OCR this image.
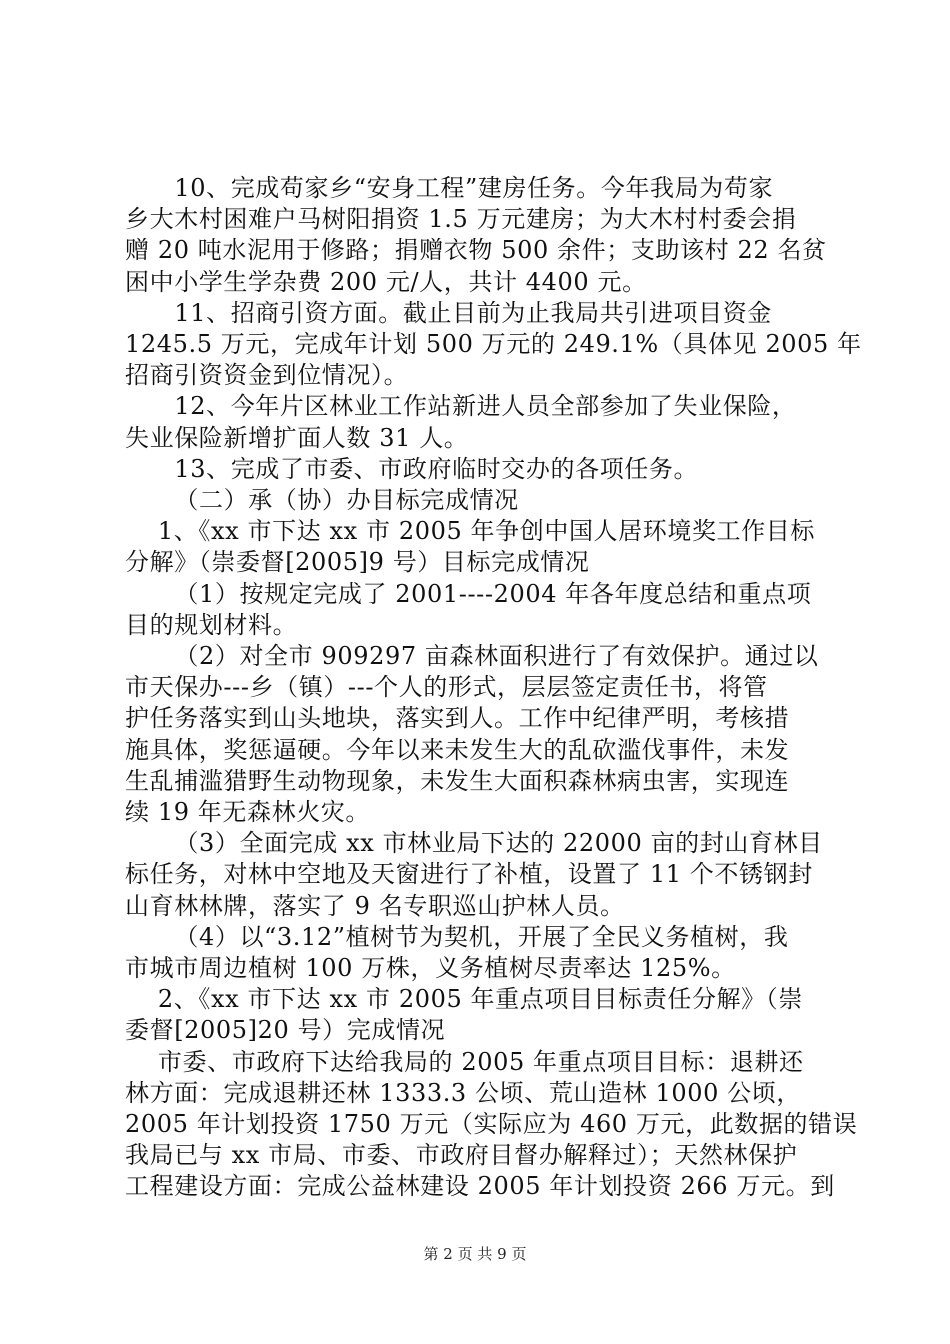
10、完成苟家乡“安身工程”建房任务。今年我局为苟家
乡大木村困难户马树阳捐资 1.5 万元建房；为大木村村委会捐
赠 20 吨水泥用于修路；捐赠衣物 500 余件；支助该村 22 名贫
困中小学生学杂费 200 元/人，共计 4400 元。
11、招商引资方面。截止目前为止我局共引进项目资金
1245.5 万元，完成年计划 500 万元的 249.1%（具体见 2005 年
招商引资资金到位情况）。
12、今年片区林业工作站新进人员全部参加了失业保险，
失业保险新增扩面人数 31 人。
13、完成了市委、市政府临时交办的各项任务。
（二）承（协）办目标完成情况
1、《xx 市下达 xx 市 2005 年争创中国人居环境奖工作目标
分解》（崇委督[2005]9 号）目标完成情况
（1）按规定完成了 2001----2004 年各年度总结和重点项
目的规划材料。
（2）对全市 909297 亩森林面积进行了有效保护。通过以
市天保办---乡（镇）---个人的形式，层层签定责任书，将管
护任务落实到山头地块，落实到人。工作中纪律严明，考核措
施具体，奖惩逼硬。今年以来未发生大的乱砍滥伐事件，未发
生乱捕滥猎野生动物现象，未发生大面积森林病虫害，实现连
续 19 年无森林火灾。
（3）全面完成 xx 市林业局下达的 22000 亩的封山育林目
标任务，对林中空地及天窗进行了补植，设置了 11 个不锈钢封
山育林林牌，落实了 9 名专职巡山护林人员。
（4）以“3.12”植树节为契机，开展了全民义务植树，我
市城市周边植树 100 万株，义务植树尽责率达 125%。
2、《xx 市下达 xx 市 2005 年重点项目目标责任分解》（崇
委督[2005]20 号）完成情况
市委、市政府下达给我局的 2005 年重点项目目标：退耕还
林方面：完成退耕还林 1333.3 公顷、荒山造林 1000 公顷，
2005 年计划投资 1750 万元（实际应为 460 万元，此数据的错误
我局已与 xx 市局、市委、市政府目督办解释过）；天然林保护
工程建设方面：完成公益林建设 2005 年计划投资 266 万元。到
第 2 页 共 9 页
